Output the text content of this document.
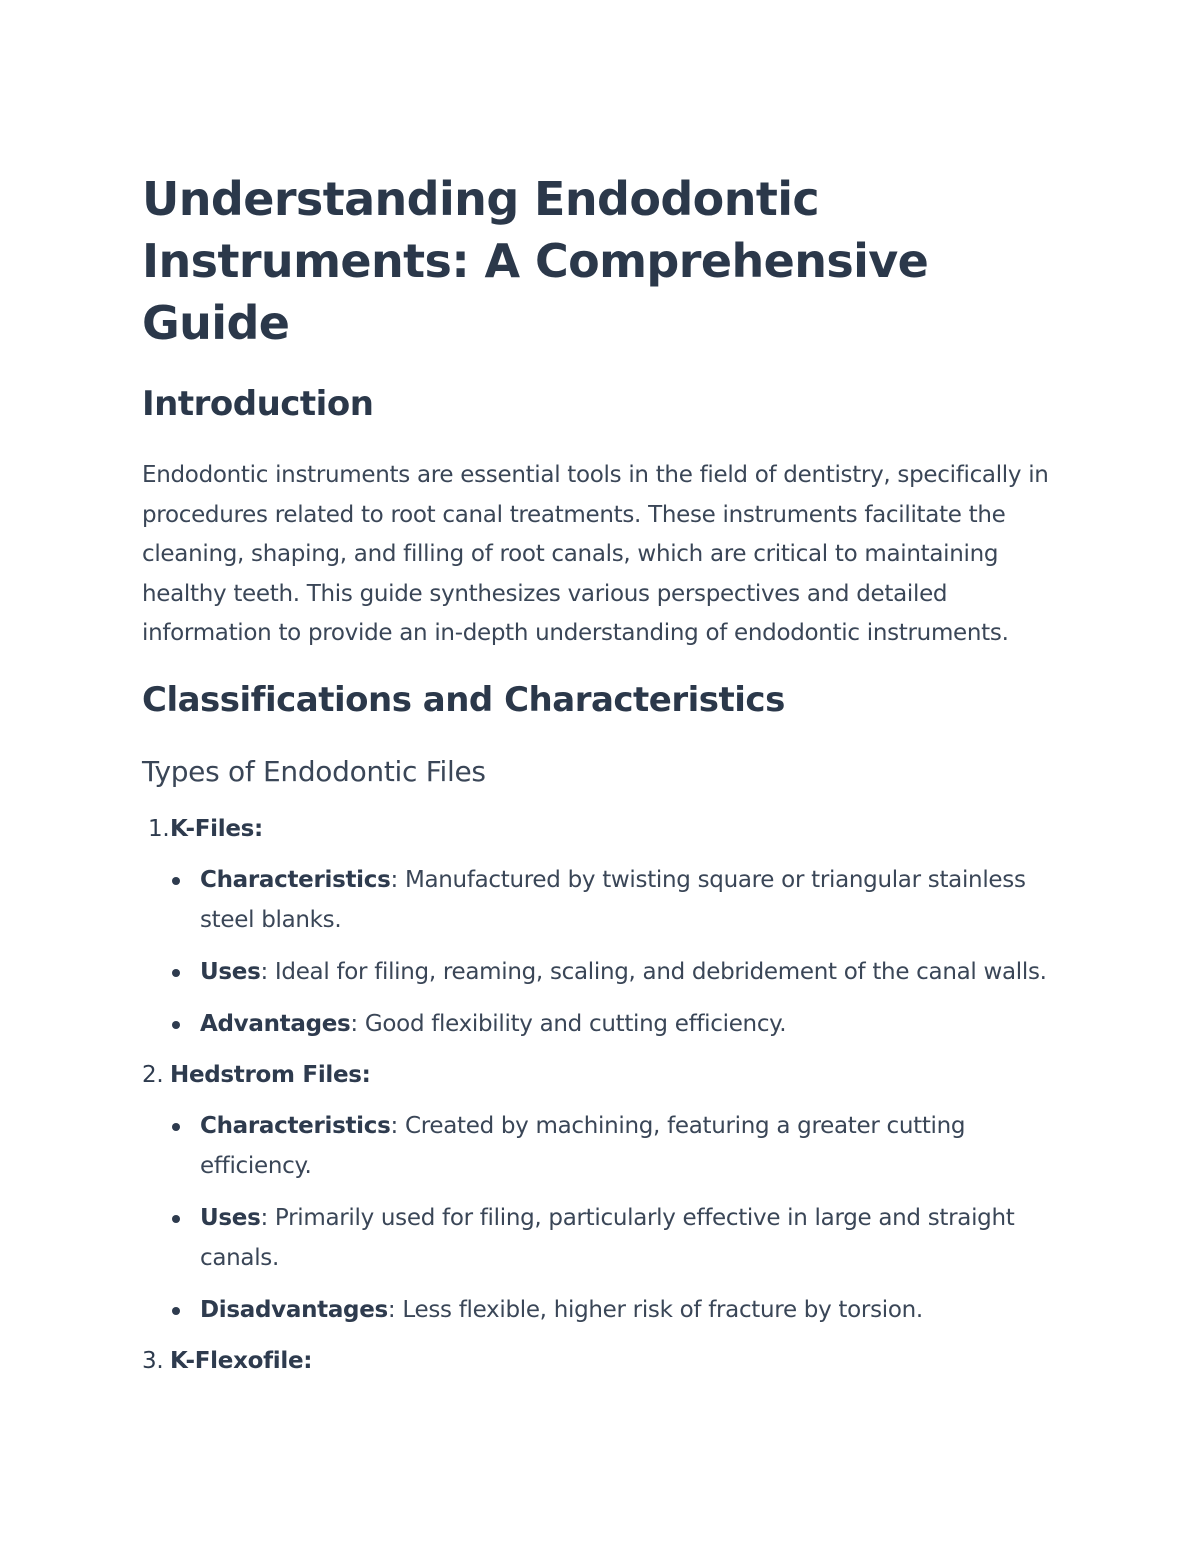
Understanding Endodontic Instruments: A Comprehensive Guide
Introduction

Endodontic instruments are essential tools in the field of dentistry, specifically in procedures related to root canal treatments. These instruments facilitate the cleaning, shaping, and filling of root canals, which are critical to maintaining healthy teeth. This guide synthesizes various perspectives and detailed information to provide an in-depth understanding of endodontic instruments.

Classifications and Characteristics
Types of Endodontic Files
1.K-Files:
Characteristics: Manufactured by twisting square or triangular stainless steel blanks.
Uses: Ideal for filing, reaming, scaling, and debridement of the canal walls.
Advantages: Good flexibility and cutting efficiency.
2. Hedstrom Files:
Characteristics: Created by machining, featuring a greater cutting efficiency.
Uses: Primarily used for filing, particularly effective in large and straight canals.
Disadvantages: Less flexible, higher risk of fracture by torsion.
3. K-Flexofile:
